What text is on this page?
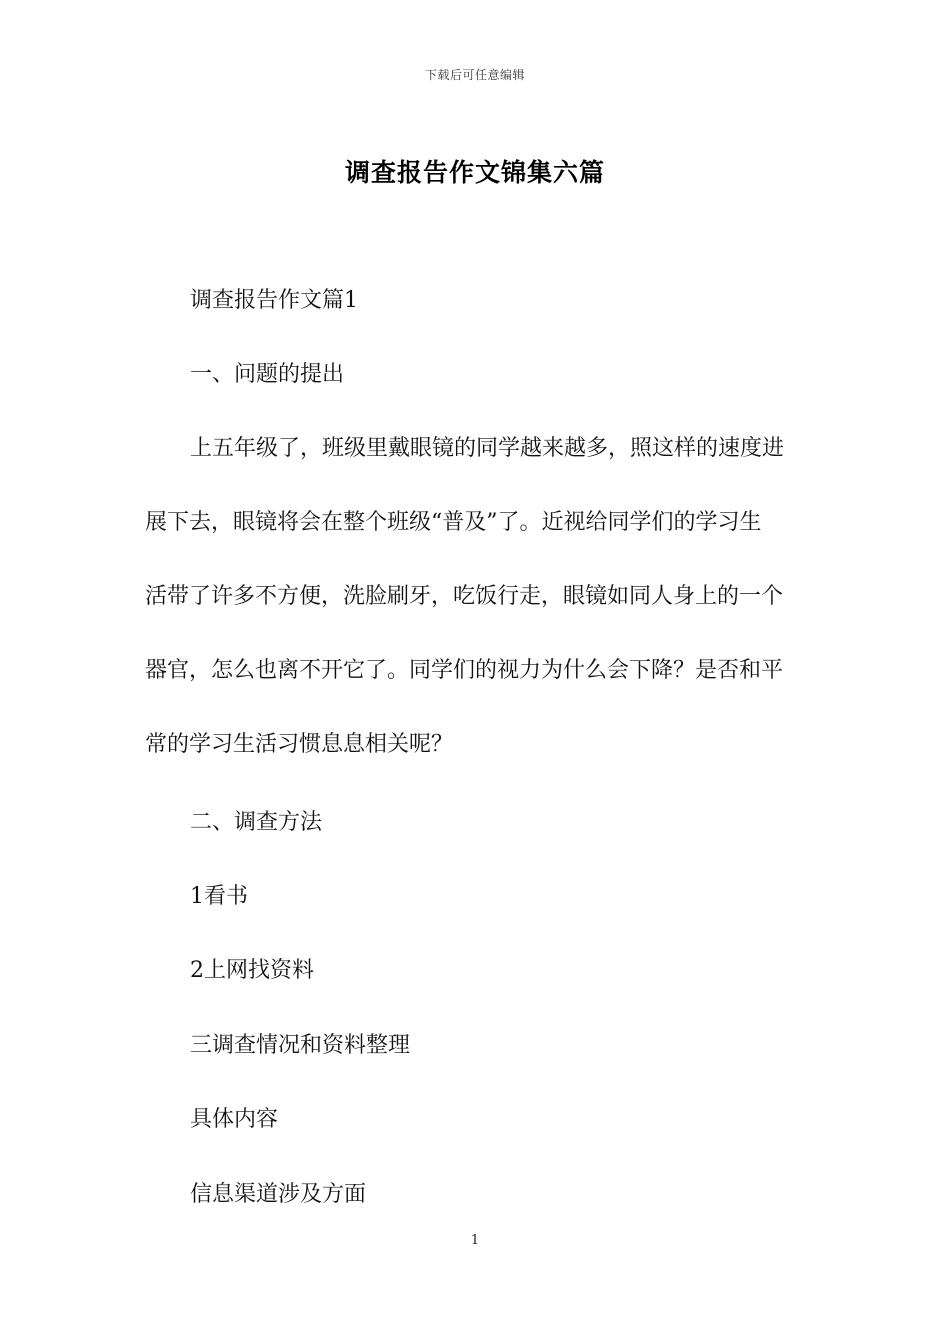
下载后可任意编辑
调查报告作文锦集六篇
调查报告作文篇1
一、问题的提出
上五年级了，班级里戴眼镜的同学越来越多，照这样的速度进
展下去，眼镜将会在整个班级“普及”了。近视给同学们的学习生
活带了许多不方便，洗脸刷牙，吃饭行走，眼镜如同人身上的一个
器官，怎么也离不开它了。同学们的视力为什么会下降？是否和平
常的学习生活习惯息息相关呢？
二、调查方法
1看书
2上网找资料
三调查情况和资料整理
具体内容
信息渠道涉及方面
1
